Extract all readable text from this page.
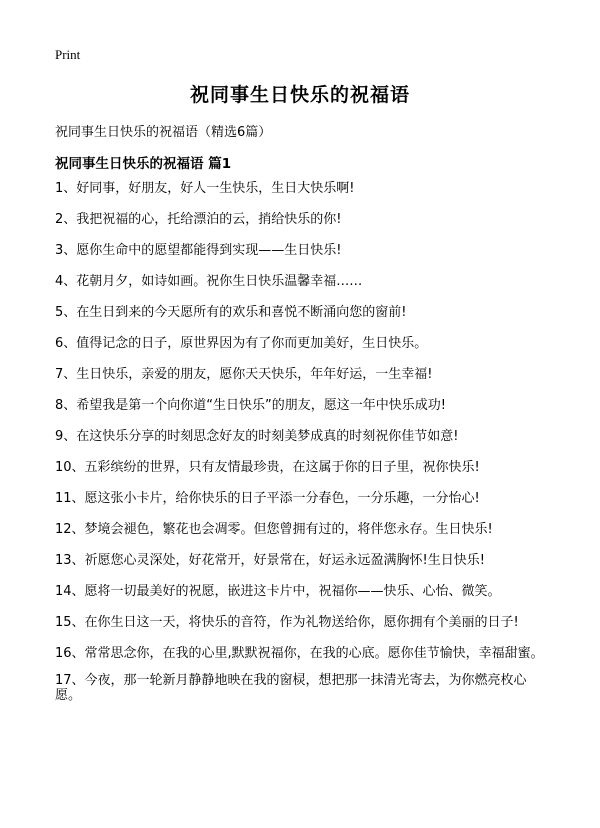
Print
祝同事生日快乐的祝福语

祝同事生日快乐的祝福语（精选6篇）

祝同事生日快乐的祝福语 篇1
1、好同事，好朋友，好人一生快乐，生日大快乐啊!
2、我把祝福的心，托给漂泊的云，捎给快乐的你!
3、愿你生命中的愿望都能得到实现——生日快乐!
4、花朝月夕，如诗如画。祝你生日快乐温馨幸福……
5、在生日到来的今天愿所有的欢乐和喜悦不断涌向您的窗前!
6、值得记念的日子，原世界因为有了你而更加美好，生日快乐。
7、生日快乐，亲爱的朋友，愿你天天快乐，年年好运，一生幸福!
8、希望我是第一个向你道“生日快乐”的朋友，愿这一年中快乐成功!
9、在这快乐分享的时刻思念好友的时刻美梦成真的时刻祝你佳节如意!
10、五彩缤纷的世界，只有友情最珍贵，在这属于你的日子里，祝你快乐!
11、愿这张小卡片，给你快乐的日子平添一分春色，一分乐趣，一分怡心!
12、梦境会褪色，繁花也会凋零。但您曾拥有过的，将伴您永存。生日快乐!
13、祈愿您心灵深处，好花常开，好景常在，好运永远盈满胸怀!生日快乐!
14、愿将一切最美好的祝愿，嵌进这卡片中，祝福你——快乐、心怡、微笑。
15、在你生日这一天，将快乐的音符，作为礼物送给你，愿你拥有个美丽的日子!
16、常常思念你，在我的心里,默默祝福你，在我的心底。愿你佳节愉快，幸福甜蜜。
17、今夜，那一轮新月静静地映在我的窗棂，想把那一抹清光寄去，为你燃亮枚心愿。
